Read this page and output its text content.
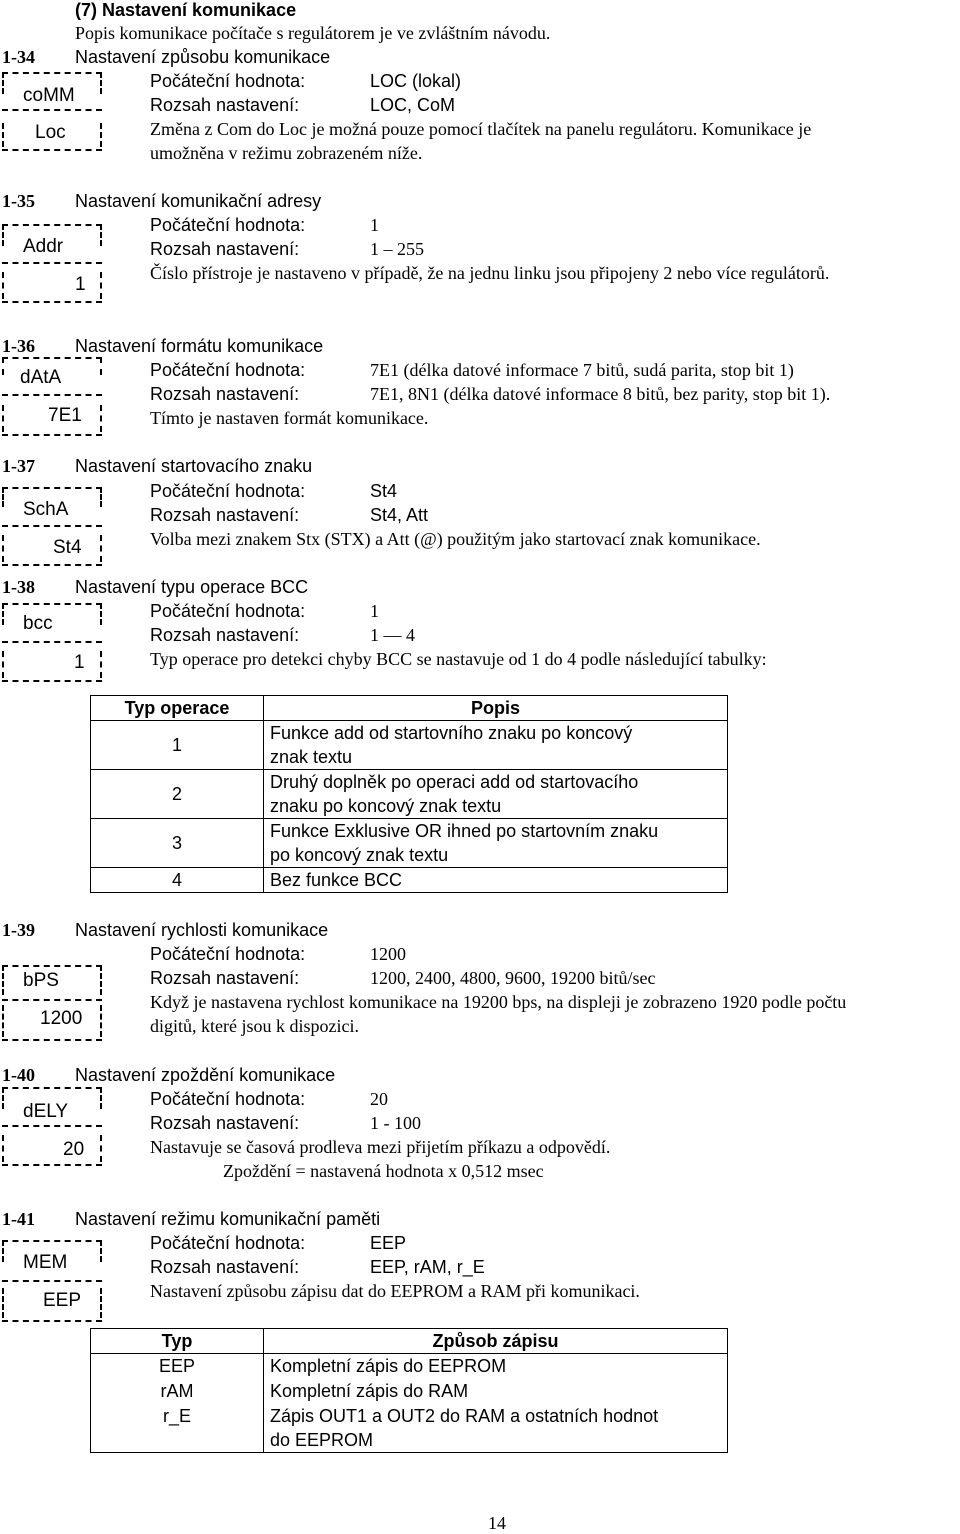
(7) Nastavení komunikace
Popis komunikace počítače s regulátorem je ve zvláštním návodu.
1-34 Nastavení způsobu komunikace
coMM
Loc
Počáteční hodnota:	LOC (lokal)
Rozsah nastavení:	LOC, CoM
Změna z Com do Loc je možná pouze pomocí tlačítek na panelu regulátoru. Komunikace je
umožněna v režimu zobrazeném níže.
1-35 Nastavení komunikační adresy
Addr
1
Počáteční hodnota:	1
Rozsah nastavení:	1 – 255
Číslo přístroje je nastaveno v případě, že na jednu linku jsou připojeny 2 nebo více regulátorů.
1-36 Nastavení formátu komunikace
dAtA
7E1
Počáteční hodnota:	7E1 (délka datové informace 7 bitů, sudá parita, stop bit 1)
Rozsah nastavení:	7E1, 8N1 (délka datové informace 8 bitů, bez parity, stop bit 1).
Tímto je nastaven formát komunikace.
1-37 Nastavení startovacího znaku
SchA
St4
Počáteční hodnota:	St4
Rozsah nastavení:	St4, Att
Volba mezi znakem Stx (STX) a Att (@) použitým jako startovací znak komunikace.
1-38 Nastavení typu operace BCC
bcc
1
Počáteční hodnota:	1
Rozsah nastavení:	1 — 4
Typ operace pro detekci chyby BCC se nastavuje od 1 do 4 podle následující tabulky:
Typ operace	Popis
1	Funkce add od startovního znaku po koncový
znak textu

2	Druhý doplněk po operaci add od startovacího
znaku po koncový znak textu

3	Funkce Exklusive OR ihned po startovním znaku
po koncový znak textu

4	Bez funkce BCC
1-39 Nastavení rychlosti komunikace
bPS
1200
Počáteční hodnota:	1200
Rozsah nastavení:	1200, 2400, 4800, 9600, 19200 bitů/sec
Když je nastavena rychlost komunikace na 19200 bps, na displeji je zobrazeno 1920 podle počtu
digitů, které jsou k dispozici.
1-40 Nastavení zpoždění komunikace
dELY
20
Počáteční hodnota:	20
Rozsah nastavení:	1 - 100
Nastavuje se časová prodleva mezi přijetím příkazu a odpovědí.
Zpoždění = nastavená hodnota x 0,512 msec
1-41 Nastavení režimu komunikační paměti
MEM
EEP
Počáteční hodnota:	EEP
Rozsah nastavení:	EEP, rAM, r_E
Nastavení způsobu zápisu dat do EEPROM a RAM při komunikaci.
Typ	Způsob zápisu
EEP	Kompletní zápis do EEPROM
rAM	Kompletní zápis do RAM
r_E	Zápis OUT1 a OUT2 do RAM a ostatních hodnot
do EEPROM
14
